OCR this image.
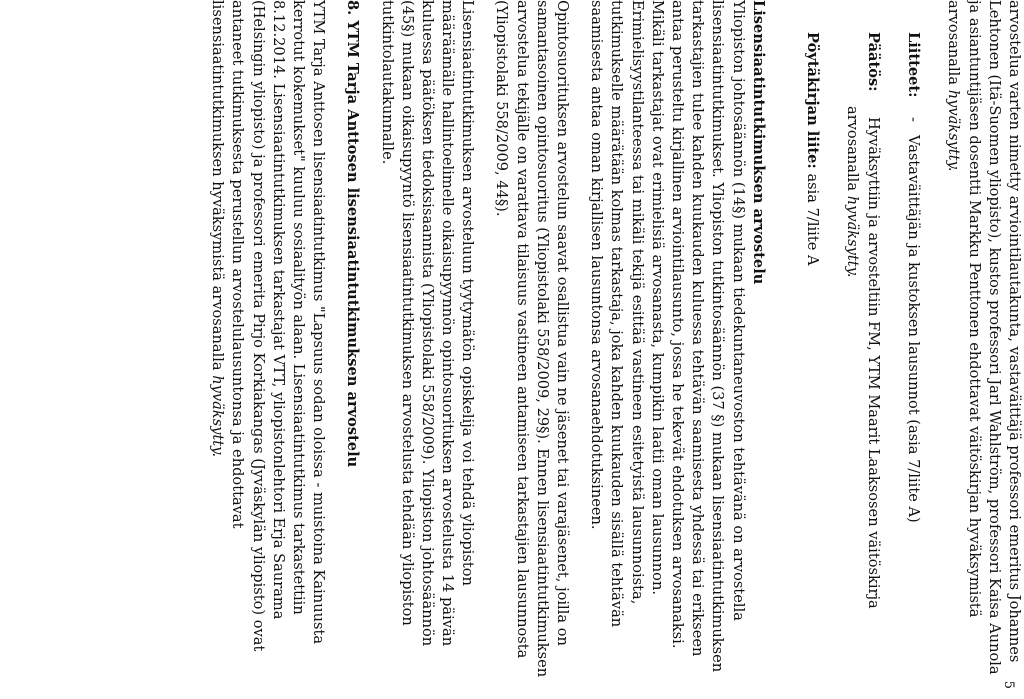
5
arvostelua varten nimetty arviointilautakunta, vastaväittäjä professori emeritus Johannes
Lehtonen (Itä-Suomen yliopisto), kustos professori Jarl Wahlström, professori Kaisa Aunola
ja asiantuntijäsen dosentti Markku Penttonen ehdottavat väitöskirjan hyväksymistä
arvosanalla hyväksytty.
Liitteet:-Vastaväittäjän ja kustoksen lausunnot (asia 7/liite A)
Päätös:Hyväksyttiin ja arvosteltiin FM, YTM Maarit Laaksosen väitöskirja
arvosanalla hyväksytty.
Pöytäkirjan liite: asia 7/liite A
Lisensiaatintutkimuksen arvostelu
Yliopiston johtosäännön (14§) mukaan tiedekuntaneuvoston tehtävänä on arvostella
lisensiaatintutkimukset. Yliopiston tutkintosäännön (37 §) mukaan lisensiaatintutkimuksen
tarkastajien tulee kahden kuukauden kuluessa tehtävän saamisesta yhdessä tai erikseen
antaa perusteltu kirjallinen arviointilausunto, jossa he tekevät ehdotuksen arvosanaksi.
Mikäli tarkastajat ovat erimielisiä arvosanasta, kumpikin laatii oman lausunnon.
Erimielisyystilanteessa tai mikäli tekijä esittää vastineen esitetyistä lausunnoista,
tutkimukselle määrätään kolmas tarkastaja, joka kahden kuukauden sisällä tehtävän
saamisesta antaa oman kirjallisen lausuntonsa arvosanaehdotuksineen.
Opintosuorituksen arvostelun saavat osallistua vain ne jäsenet tai varajäsenet, joilla on
samantasoinen opintosuoritus (Yliopistolaki 558/2009, 29§). Ennen lisensiaatintutkimuksen
arvostelua tekijälle on varattava tilaisuus vastineen antamiseen tarkastajien lausunnosta
(Yliopistolaki 558/2009, 44§).
Lisensiaatintutkimuksen arvosteluun tyytymätön opiskelija voi tehdä yliopiston
määräämälle hallintoelimelle oikaisupyynnön opintosuorituksen arvostelusta 14 päivän
kuluessa päätöksen tiedoksisaannista (Yliopistolaki 558/2009). Yliopiston johtosäännön
(45§) mukaan oikaisupyyntö lisensiaatintutkimuksen arvostelusta tehdään yliopiston
tutkintolautakunnalle.
8. YTM Tarja Anttosen lisensiaatintutkimuksen arvostelu
YTM Tarja Anttosen lisensiaatintutkimus "Lapsuus sodan oloissa - muistoina Kainuusta
kerrotut kokemukset" kuuluu sosiaalityön alaan. Lisensiaatintutkimus tarkastettiin
8.12.2014. Lisensiaatintutkimuksen tarkastajat VTT, yliopistonlehtori Erja Saurama
(Helsingin yliopisto) ja professori emerita Pirjo Korkiakangas (Jyväskylän yliopisto) ovat
antaneet tutkimuksesta perustellun arvostelulausuntonsa ja ehdottavat
lisensiaatintutkimuksen hyväksymistä arvosanalla hyväksytty.
